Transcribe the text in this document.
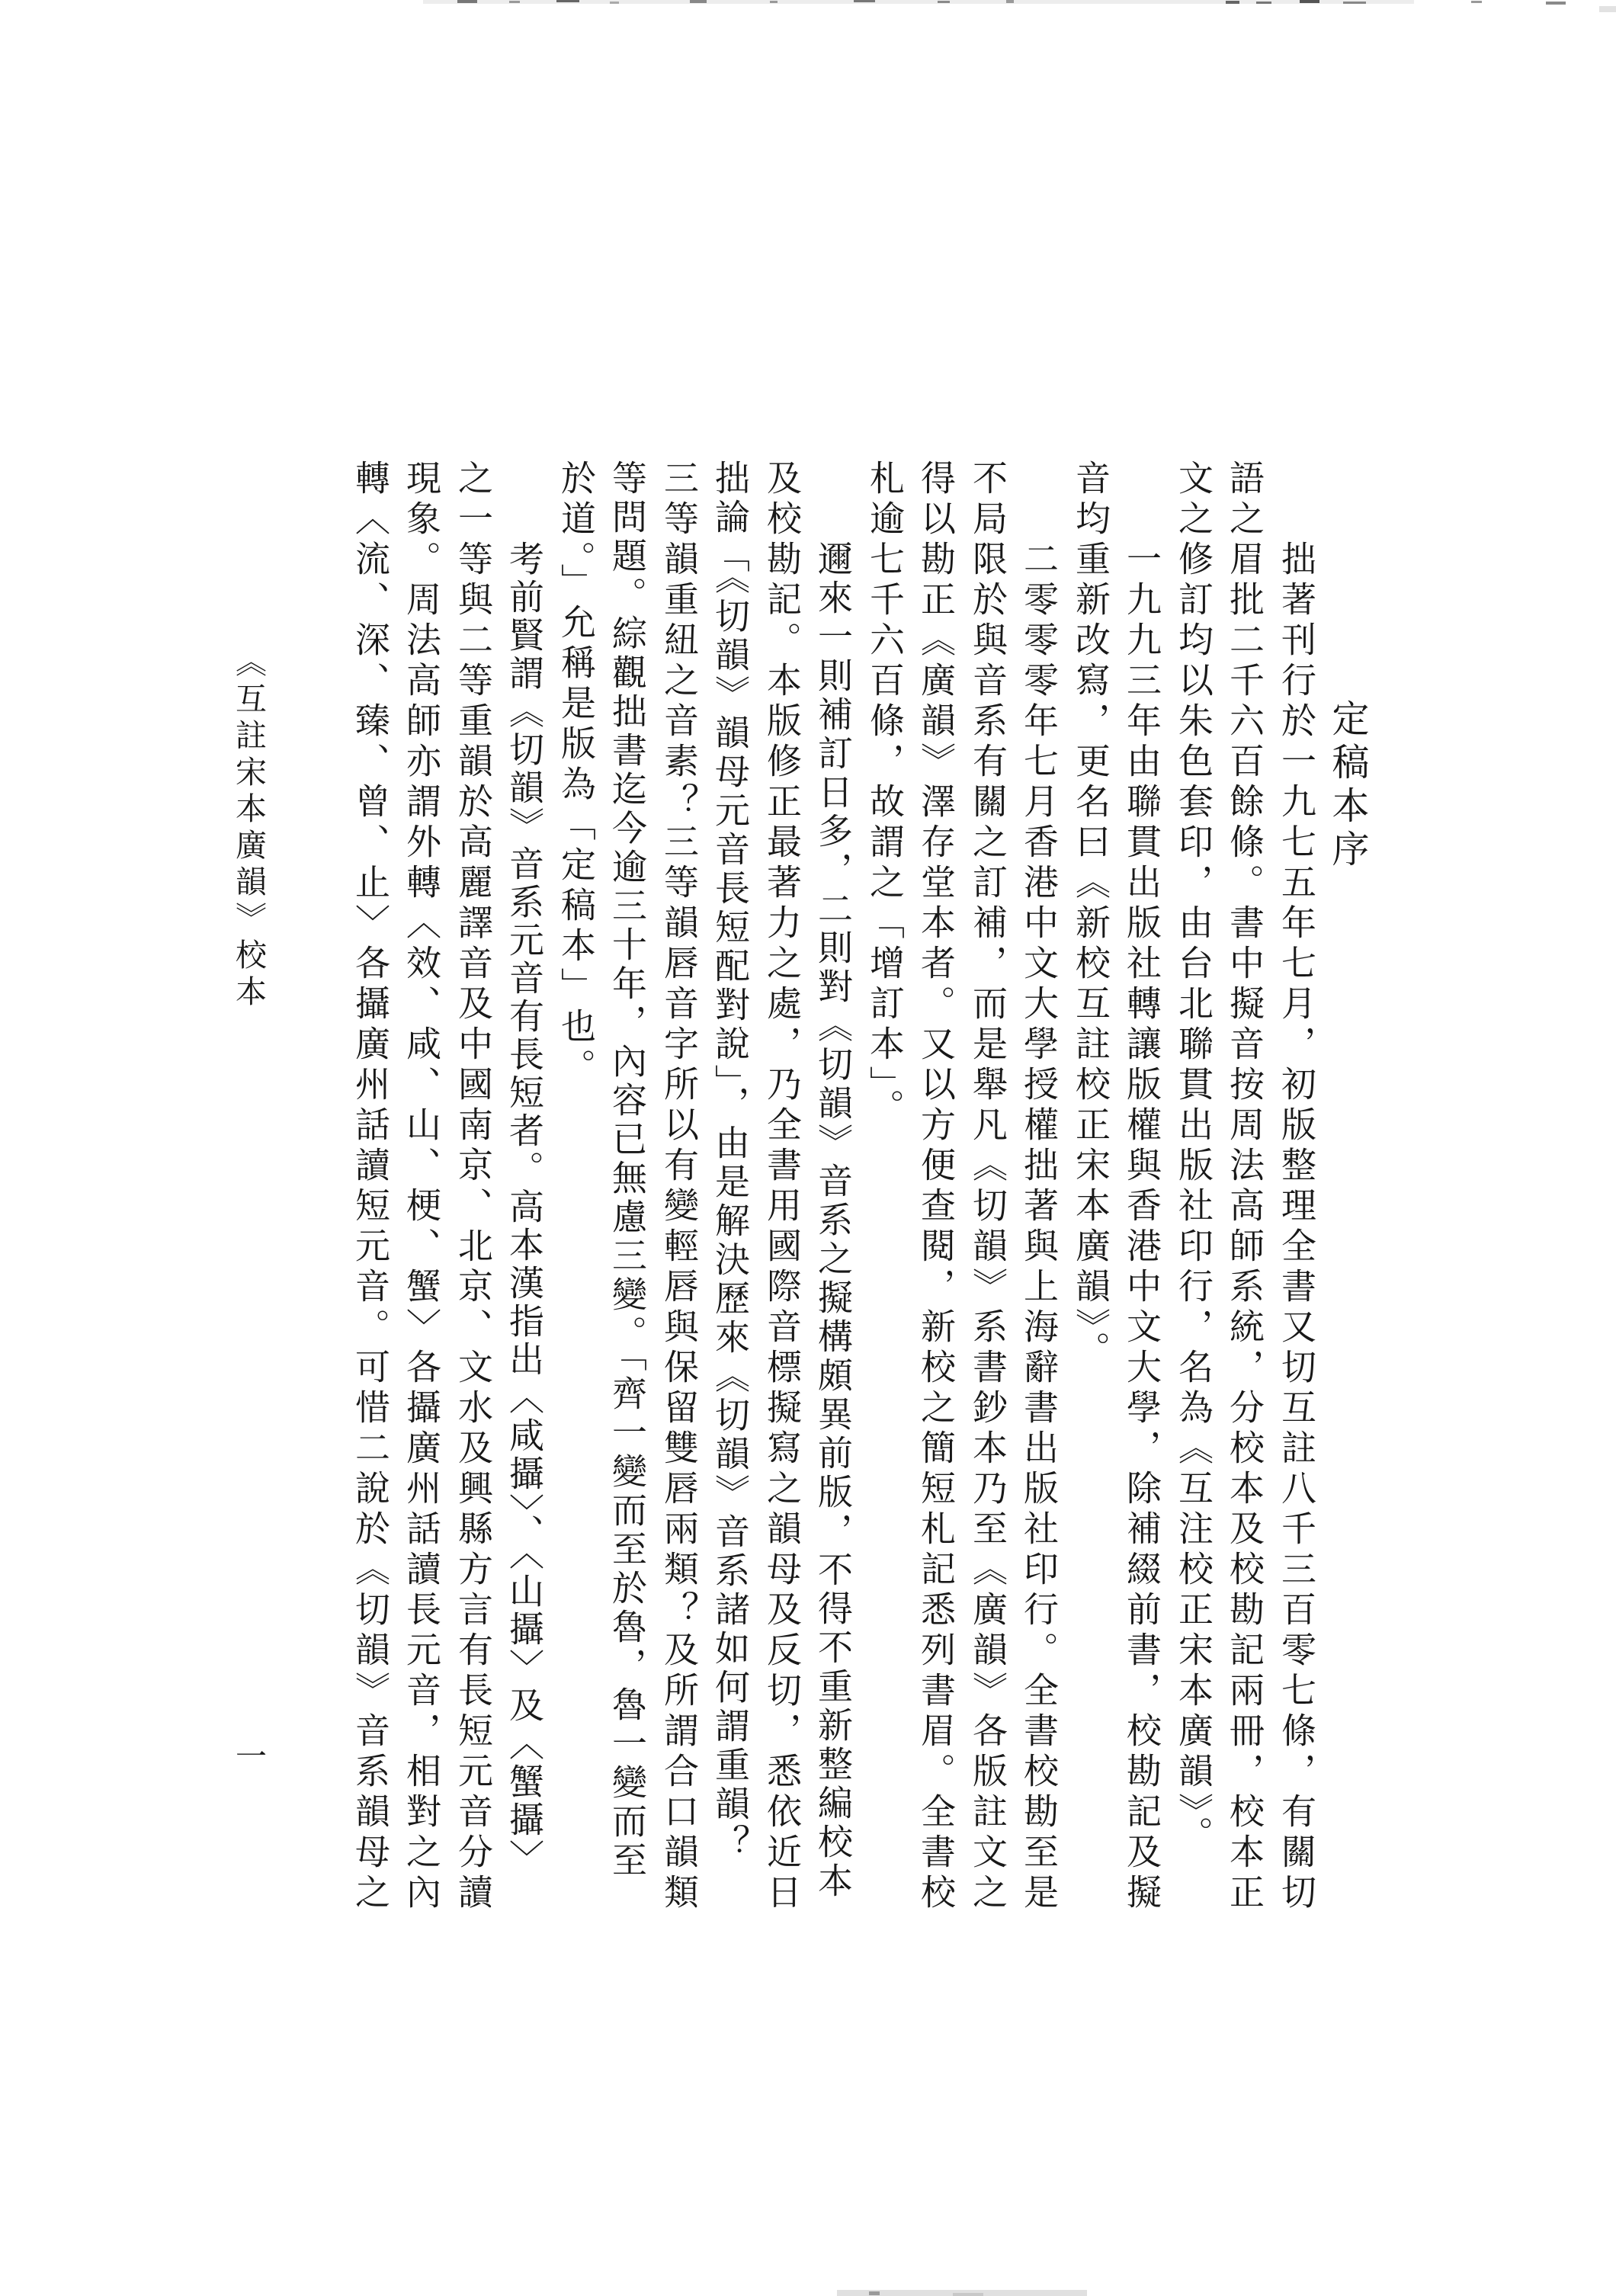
定稿本序
拙著刊行於一九七五年七月，初版整理全書又切互註八千三百零七條，有關切
語之眉批二千六百餘條。書中擬音按周法高師系統，分校本及校勘記兩冊，校本正
文之修訂均以朱色套印，由台北聯貫出版社印行，名為《互注校正宋本廣韻》。
一九九三年由聯貫出版社轉讓版權與香港中文大學，除補綴前書，校勘記及擬
音均重新改寫，更名曰《新校互註校正宋本廣韻》。
二零零零年七月香港中文大學授權拙著與上海辭書出版社印行。全書校勘至是
不局限於與音系有關之訂補，而是舉凡《切韻》系書鈔本乃至《廣韻》各版註文之
得以勘正《廣韻》澤存堂本者。又以方便查閱，新校之簡短札記悉列書眉。全書校
札逾七千六百條，故謂之「增訂本」。
邇來一則補訂日多，二則對《切韻》音系之擬構頗異前版，不得不重新整編校本
及校勘記。本版修正最著力之處，乃全書用國際音標擬寫之韻母及反切，悉依近日
拙論「《切韻》韻母元音長短配對說」，由是解決歷來《切韻》音系諸如何謂重韻？
三等韻重紐之音素？三等韻唇音字所以有變輕唇與保留雙唇兩類？及所謂合口韻類
等問題。綜觀拙書迄今逾三十年，內容已無慮三變。「齊一變而至於魯，魯一變而至
於道。」允稱是版為「定稿本」也。
考前賢謂《切韻》音系元音有長短者。高本漢指出〈咸攝〉、〈山攝〉及〈蟹攝〉
之一等與二等重韻於高麗譯音及中國南京、北京、文水及興縣方言有長短元音分讀
現象。周法高師亦謂外轉〈效、咸、山、梗、蟹〉各攝廣州話讀長元音，相對之內
轉〈流、深、臻、曾、止〉各攝廣州話讀短元音。可惜二說於《切韻》音系韻母之
《互註宋本廣韻》校本
一
